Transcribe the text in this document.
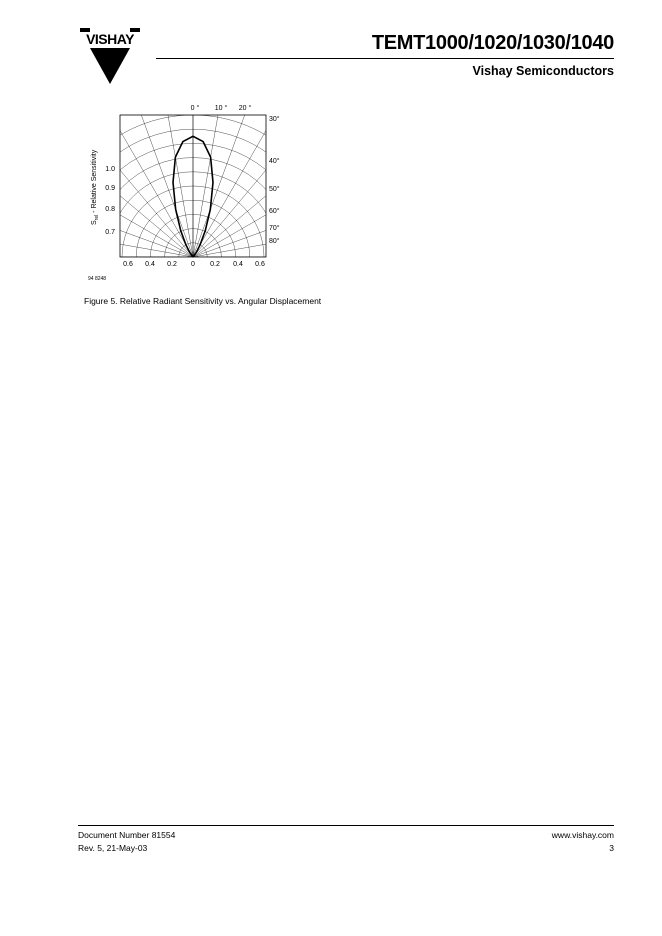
VISHAY	TEMT1000/1020/1030/1040
Vishay Semiconductors
0 ° 10 ° 20 °
30°
40°
50°
60°
70°
80°
1.0
0.9
0.8
0.7
0.6 0.4 0.2 0 0.2 0.4 0.6
$S_{rel}$ - Relative Sensitivity
94 8248
Figure 5. Relative Radiant Sensitivity vs. Angular Displacement
Document Number 81554
Rev. 5, 21-May-03
www.vishay.com
3
